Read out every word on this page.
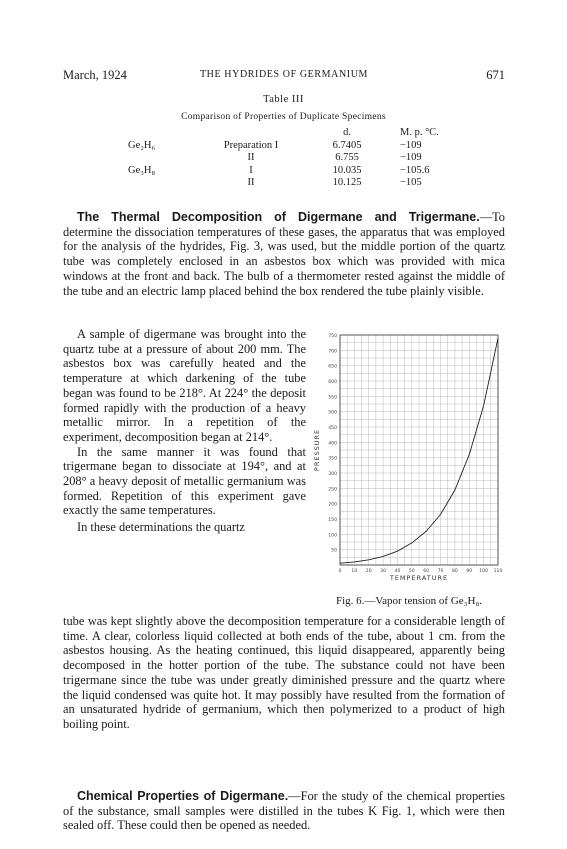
March, 1924	THE HYDRIDES OF GERMANIUM	671
Table III
Comparison of Properties of Duplicate Specimens
		d.	M. p. °C.
Ge₂H₆	Preparation I	6.7405	−109
	II	6.755	−109
Ge₃H₈	I	10.035	−105.6
	II	10.125	−105

The Thermal Decomposition of Digermane and Trigermane.—To determine the dissociation temperatures of these gases, the apparatus that was employed for the analysis of the hydrides, Fig. 3, was used, but the middle portion of the quartz tube was completely enclosed in an asbestos box which was provided with mica windows at the front and back. The bulb of a thermometer rested against the middle of the tube and an electric lamp placed behind the box rendered the tube plainly visible.

A sample of digermane was brought into the quartz tube at a pressure of about 200 mm. The asbestos box was carefully heated and the temperature at which darkening of the tube began was found to be 218°. At 224° the deposit formed rapidly with the production of a heavy metallic mirror. In a repetition of the experiment, decomposition began at 214°.

In the same manner it was found that trigermane began to dissociate at 194°, and at 208° a heavy deposit of metallic germanium was formed. Repetition of this experiment gave exactly the same temperatures.

In these determinations the quartz

50
100
150
200
250
300
350
400
450
500
550
600
650
700
750
0 10 20 30 40 50 60 70 80 90 100 110
TEMPERATURE
PRESSURE
Fig. 6.—Vapor tension of Ge₃H₈.

tube was kept slightly above the decomposition temperature for a considerable length of time. A clear, colorless liquid collected at both ends of the tube, about 1 cm. from the asbestos housing. As the heating continued, this liquid disappeared, apparently being decomposed in the hotter portion of the tube. The substance could not have been trigermane since the tube was under greatly diminished pressure and the quartz where the liquid condensed was quite hot. It may possibly have resulted from the formation of an unsaturated hydride of germanium, which then polymerized to a product of high boiling point.

Chemical Properties of Digermane.—For the study of the chemical properties of the substance, small samples were distilled in the tubes K Fig. 1, which were then sealed off. These could then be opened as needed.
